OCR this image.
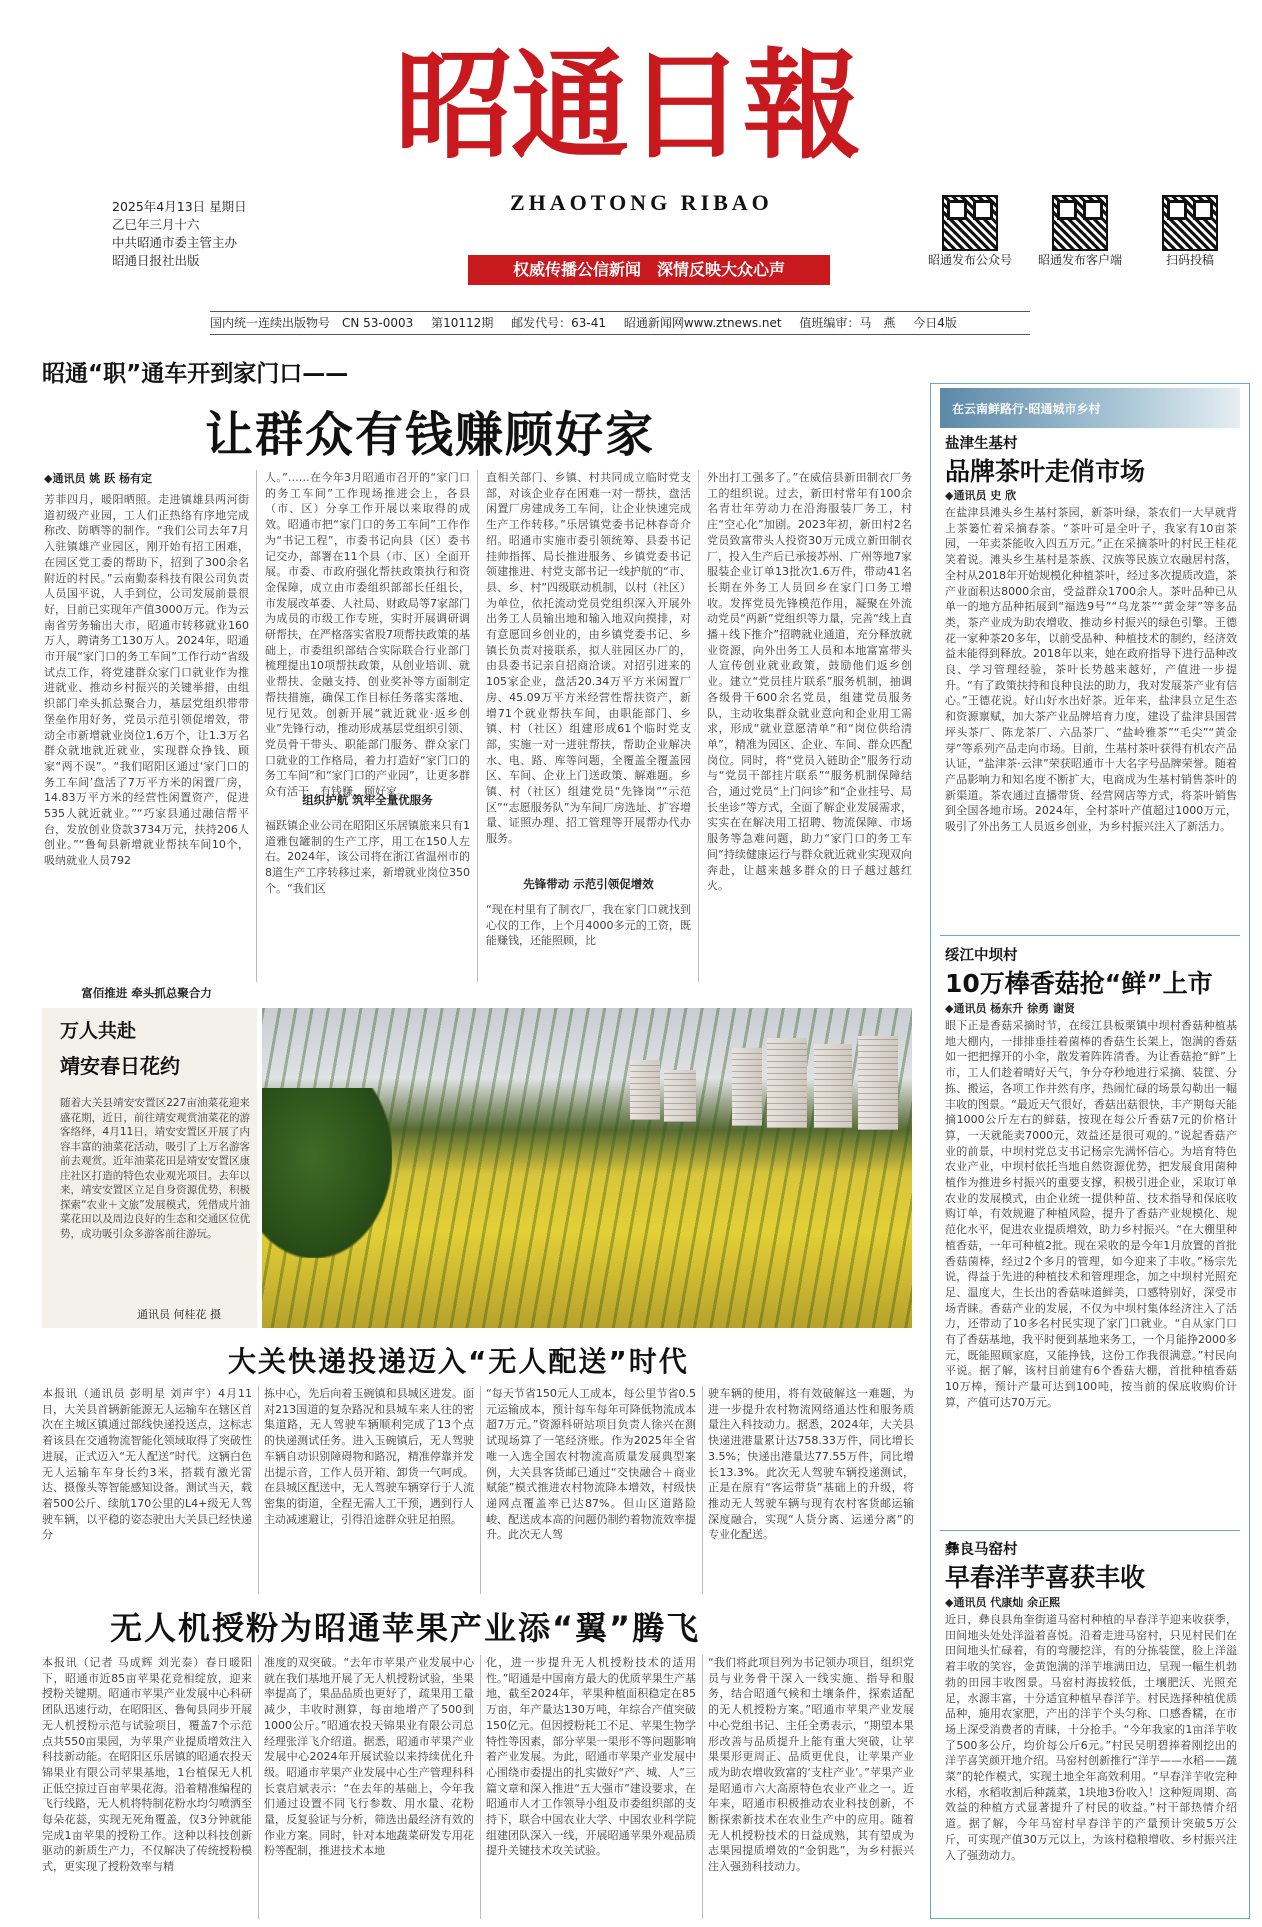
昭通日報
ZHAOTONG RIBAO
2025年4月13日 星期日
乙巳年三月十六
中共昭通市委主管主办
昭通日报社出版	权威传播公信新闻　深情反映大众心声	昭通发布公众号	昭通发布客户端	扫码投稿
国内统一连续出版物号　CN 53-0003 第10112期 邮发代号：63-41 昭通新闻网www.ztnews.net 值班编审：马　燕 今日4版
昭通“职”通车开到家门口——
让群众有钱赚顾好家
◆通讯员 姚 跃 杨有定
芳菲四月，暖阳晒照。走进镇雄县两河街道初级产业园，工人们正热络有序地完成称改、防晒等的制作。“我们公司去年7月入驻镇雄产业园区，刚开始有招工困难，在园区党工委的帮助下，招到了300余名附近的村民。”云南勤泰科技有限公司负责人员国平说，人手到位，公司发展前景很好，目前已实现年产值3000万元。作为云南省劳务输出大市，昭通市转移就业160万人，聘请务工130万人。2024年，昭通市开展“家门口的务工车间”工作行动“省级试点工作，将党建群众家门口就业作为推进就业、推动乡村振兴的关键举措，由组织部门牵头抓总聚合力，基层党组织带带堡垒作用好务，党员示范引领促增效，带动全市新增就业岗位1.6万个，让1.3万名群众就地就近就业，实现群众挣钱、顾家“两不误”。“我们昭阳区通过‘家门口的务工车间’盘活了7万平方米的闲置厂房，14.83万平方米的经营性闲置资产，促进535人就近就业。”“巧家县通过融信帮平台，发放创业贷款3734万元，扶持206人创业。”“鲁甸县新增就业帮扶车间10个，吸纳就业人员792
人。”……在今年3月昭通市召开的“家门口的务工车间”工作现场推进会上，各县（市、区）分享工作开展以来取得的成效。昭通市把“家门口的务工车间”工作作为“书记工程”，市委书记向县（区）委书记交办，部署在11个县（市、区）全面开展。市委、市政府强化帮扶政策执行和资金保障，成立由市委组织部部长任组长，市发展改革委、人社局、财政局等7家部门为成员的市级工作专班，实时开展调研调研帮扶，在严格落实省股7项帮扶政策的基础上，市委组织部结合实际联合行业部门梳理提出10项帮扶政策，从创业培训、就业帮扶、金融支持、创业奖补等方面制定帮扶措施，确保工作目标任务落实落地、见行见效。创新开展“就近就业·返乡创业”先锋行动，推动形成基层党组织引领、党员骨干带头、职能部门服务、群众家门口就业的工作格局，着力打造好“家门口的务工车间”和“家门口的产业园”，让更多群众有活干、有钱赚、顾好家。
组织护航 筑牢全量优服务
福跃镇企业公司在昭阳区乐居镇旅来只有1道雅包罐制的生产工序，用工在150人左右。2024年，该公司将在浙江省温州市的8道生产工序转移过来，新增就业岗位350个。“我们区
直相关部门、乡镇、村共同成立临时党支部，对该企业存在困难一对一帮扶，盘活闲置厂房建成务工车间，让企业快速完成生产工作转移。”乐居镇党委书记林春奇介绍。昭通市实施市委引领统筹、县委书记挂帅指挥、局长推进服务、乡镇党委书记领建推进、村党支部书记一线护航的“市、县、乡、村”四级联动机制，以村（社区）为单位，依托流动党员党组织深入开展外出务工人员输出地和输入地双向摸排，对有意愿回乡创业的，由乡镇党委书记、乡镇长负责对接联系，拟人驻园区办厂的，由县委书记亲自招商洽谈。对招引进来的105家企业，盘活20.34万平方米闲置厂房、45.09万平方米经营性帮扶资产，新增71个就业帮扶车间，由职能部门、乡镇、村（社区）组建形成61个临时党支部，实施一对一进驻帮扶，帮助企业解决水、电、路、库等问题，全覆盖全覆盖园区、车间、企业上门送政策、解难题。乡镇、村（社区）组建党员“先锋岗”“示范区”“志愿服务队”为车间厂房选址、扩容增量、证照办理、招工管理等开展帮办代办服务。
先锋带动 示范引领促增效
“现在村里有了制衣厂，我在家门口就找到心仪的工作，上个月4000多元的工资，既能赚钱，还能照顾，比
外出打工强多了。”在威信县新田制衣厂务工的组织说。过去，新田村常年有100余名青壮年劳动力在沿海服装厂务工，村庄“空心化”加剧。2023年初，新田村2名党员致富带头人投资30万元成立新田制衣厂，投入生产后已承接苏州、广州等地7家服装企业订单13批次1.6万件，带动41名长期在外务工人员回乡在家门口务工增收。发挥党员先锋模范作用，凝聚在外流动党员“两新”党组织等力量，完善“线上直播＋线下推介”招聘就业通道，充分释放就业资源，向外出务工人员和本地富富带头人宣传创业就业政策，鼓励他们返乡创业。建立“党员挂片联系”服务机制，抽调各级骨干600余名党员，组建党员服务队，主动收集群众就业意向和企业用工需求，形成“就业意愿清单”和“岗位供给清单”，精准为园区、企业、车间、群众匹配岗位。同时，将“党员入链助企”服务行动与“党员干部挂片联系”“服务机制保障结合，通过党员“上门问诊”和“企业挂号、局长坐诊”等方式，全面了解企业发展需求，实实在在解决用工招聘、物流保障、市场服务等急难问题，助力“家门口的务工车间”持续健康运行与群众就近就业实现双向奔赴，让越来越多群众的日子越过越红火。
富佰推进 牵头抓总聚合力
万人共赴
靖安春日花约
随着大关县靖安安置区227亩油菜花迎来盛花期，近日，前往靖安观赏油菜花的游客络绎，4月11日，靖安安置区开展了内容丰富的油菜花活动，吸引了上万名游客前去观赏。近年油菜花田是靖安安置区康庄社区打造的特色农业观光项目。去年以来，靖安安置区立足自身资源优势，积极探索“农业＋文旅”发展模式，凭借成片油菜花田以及周边良好的生态和交通区位优势，成功吸引众多游客前往游玩。
通讯员 何桂花 摄
大关快递投递迈入“无人配送”时代
本报讯（通讯员 彭明星 刘声宇）4月11日，大关县首辆新能源无人运输车在辖区首次在主城区镇通过部线快递投送点，这标志着该县在交通物流智能化领域取得了突破性进展，正式迈入“无人配送”时代。这辆白色无人运输车车身长约3米，搭载有激光雷达、摄像头等智能感知设备。测试当天，载着500公斤、续航170公里的L4+级无人驾驶车辆，以平稳的姿态驶出大关县已经快递分
拣中心，先后向着玉碗镇和县城区进发。面对213国道的复杂路况和县城车来人往的密集道路，无人驾驶车辆顺利完成了13个点的快递测试任务。进入玉碗镇后，无人驾驶车辆自动识别障碍物和路况，精准停靠并发出提示音，工作人员开箱、卸货一气呵成。在县城区配送中，无人驾驶车辆穿行于人流密集的街道，全程无需人工干预，遇到行人主动减速避让，引得沿途群众驻足拍照。
“每天节省150元人工成本，每公里节省0.5元运输成本，预计每车每年可降低物流成本超7万元。”资源科研站项目负责人徐兴在测试现场算了一笔经济账。作为2025年全省唯一入选全国农村物流高质量发展典型案例，大关县客货邮已通过“交快融合＋商业赋能”模式推进农村物流降本增效，村级快递网点覆盖率已达87%。但山区道路险峻、配送成本高的问题仍制约着物流效率提升。此次无人驾
驶车辆的使用，将有效破解这一难题，为进一步提升农村物流网络通达性和服务质量注入科技动力。据悉，2024年，大关县快递进港量累计达758.33万件，同比增长3.5%；快递出港量达77.55万件，同比增长13.3%。此次无人驾驶车辆投递测试，正是在原有“客运带货”基础上的升级，将推动无人驾驶车辆与现有农村客货邮运输深度融合，实现“人货分离、运递分离”的专业化配送。
无人机授粉为昭通苹果产业添“翼”腾飞
本报讯（记者 马成辉 刘光泰）春日暖阳下，昭通市近85亩苹果花竞相绽放，迎来授粉关键期。昭通市苹果产业发展中心科研团队迅速行动，在昭阳区、鲁甸县同步开展无人机授粉示范与试验项目，覆盖7个示范点共550亩果园，为苹果产业提质增效注入科技新动能。在昭阳区乐居镇的昭通农投天锦果业有限公司苹果基地，1台植保无人机正低空掠过百亩苹果花海。沿着精准编程的飞行线路，无人机将特制花粉水均匀喷洒至每朵花蕊，实现无死角覆盖，仅3分钟就能完成1亩苹果的授粉工作。这种以科技创新驱动的新质生产力，不仅解决了传统授粉模式，更实现了授粉效率与精
准度的双突破。“去年市苹果产业发展中心就在我们基地开展了无人机授粉试验，坐果率提高了，果品品质也更好了，疏果用工量减少，丰收时测算，每亩地增产了500到1000公斤。”昭通农投天锦果业有限公司总经理张洋飞介绍道。据悉，昭通市苹果产业发展中心2024年开展试验以来持续优化升级。昭通市苹果产业发展中心生产管理科科长袁启斌表示：“在去年的基础上，今年我们通过设置不同飞行参数、用水量、花粉量，反复验证与分析，筛选出最经济有效的作业方案。同时，针对本地蔬菜研发专用花粉等配制，推进技术本地
化，进一步提升无人机授粉技术的适用性。”昭通是中国南方最大的优质苹果生产基地，截至2024年，苹果种植面积稳定在85万亩，年产量达130万吨，年综合产值突破150亿元。但因授粉耗工不足、苹果生物学特性等因素，部分苹果一果形不等问题影响着产业发展。为此，昭通市苹果产业发展中心围绕市委提出的扎实做好“产、城、人”三篇文章和深入推进“五大强市”建设要求，在昭通市人才工作领导小组及市委组织部的支持下，联合中国农业大学、中国农业科学院组建团队深入一线，开展昭通苹果外观品质提升关键技术攻关试验。
“我们将此项目列为书记领办项目，组织党员与业务骨干深入一线实施、指导和服务，结合昭通气候和土壤条件，探索适配的无人机授粉方案。”昭通市苹果产业发展中心党组书记、主任全勇表示，“期望本果形改善与品质提升上能有重大突破，让苹果果形更周正、品质更优良，让苹果产业成为助农增收致富的‘支柱产业’。”苹果产业是昭通市六大高原特色农业产业之一。近年来，昭通市积极推动农业科技创新，不断探索新技术在农业生产中的应用。随着无人机授粉技术的日益成熟，其有望成为志果园提质增效的“金钥匙”，为乡村振兴注入强劲科技动力。
在云南鲜路行·昭通城市乡村
盐津生基村
品牌茶叶走俏市场
◆通讯员 史 欣
在盐津县滩头乡生基村茶园，新茶叶绿，茶农们一大早就背上茶篓忙着采摘春茶。“茶叶可是全叶子，我家有10亩茶园，一年卖茶能收入四五万元。”正在采摘茶叶的村民王桂花笑着说。滩头乡生基村是茶族、汉族等民族立农融居村落，全村从2018年开始规模化种植茶叶，经过多次提质改造，茶产业面积达8000余亩，受益群众1700余人。茶叶品种已从单一的地方品种拓展到“福选9号”“乌龙茶”“黄金芽”等多品类，茶产业成为助农增收、推动乡村振兴的绿色引擎。王德花一家种茶20多年，以前受品种、种植技术的制约，经济效益未能得到释放。2018年以来，她在政府指导下进行品种改良、学习管理经验，茶叶长势越来越好，产值进一步提升。“有了政策扶持和良种良法的助力，我对发展茶产业有信心。”王德花说。好山好水出好茶。近年来，盐津县立足生态和资源禀赋，加大茶产业品牌培育力度，建设了盐津县国营坪头茶厂、陈龙茶厂、六品茶厂、“盐岭雅茶”“毛尖”“黄金芽”等系列产品走向市场。目前，生基村茶叶获得有机农产品认证，“盐津茶·云津”荣获昭通市十大名字号品牌荣誉。随着产品影响力和知名度不断扩大，电商成为生基村销售茶叶的新渠道。茶农通过直播带货、经营网店等方式，将茶叶销售到全国各地市场。2024年，全村茶叶产值超过1000万元，吸引了外出务工人员返乡创业，为乡村振兴注入了新活力。
绥江中坝村
10万棒香菇抢“鲜”上市
◆通讯员 杨东升 徐勇 谢贤
眼下正是香菇采摘时节，在绥江县板栗镇中坝村香菇种植基地大棚内，一排排垂挂着菌棒的香菇生长架上，饱满的香菇如一把把撑开的小伞，散发着阵阵清香。为让香菇抢“鲜”上市，工人们趁着晴好天气，争分夺秒地进行采摘、装筐、分拣、搬运，各项工作井然有序，热闹忙碌的场景勾勒出一幅丰收的图景。“最近天气很好，香菇出菇很快，丰产期每天能摘1000公斤左右的鲜菇，按现在每公斤香菇7元的价格计算，一天就能卖7000元，效益还是很可观的。”说起香菇产业的前景，中坝村党总支书记杨宗先满怀信心。为培育特色农业产业，中坝村依托当地自然资源优势，把发展食用菌种植作为推进乡村振兴的重要支撑，积极引进企业，采取订单农业的发展模式，由企业统一提供种苗、技术指导和保底收购订单，有效规避了种植风险，提升了香菇产业规模化、规范化水平，促进农业提质增效，助力乡村振兴。“在大棚里种植香菇，一年可种植2批。现在采收的是今年1月放置的首批香菇菌棒，经过2个多月的管理，如今迎来了丰收。”杨宗先说，得益于先进的种植技术和管理理念，加之中坝村光照充足、温度大，生长出的香菇味道鲜美，口感特别好，深受市场青睐。香菇产业的发展，不仅为中坝村集体经济注入了活力，还带动了10多名村民实现了家门口就业。“自从家门口有了香菇基地，我平时便到基地来务工，一个月能挣2000多元，既能照顾家庭，又能挣钱，这份工作我很满意。”村民向平说。据了解，该村目前建有6个香菇大棚，首批种植香菇10万棒，预计产量可达到100吨，按当前的保底收购价计算，产值可达70万元。
彝良马窑村
早春洋芋喜获丰收
◆通讯员 代康灿 余正熙
近日，彝良县角奎街道马窑村种植的早春洋芋迎来收获季，田间地头处处洋溢着喜悦。沿着走进马窑村，只见村民们在田间地头忙碌着，有的弯腰挖洋，有的分拣装筐，脸上洋溢着丰收的笑容，金黄饱满的洋芋堆满田边，呈现一幅生机勃勃的田园丰收图景。马窑村海拔较低，土壤肥沃、光照充足，水源丰富，十分适宜种植早春洋芋。村民选择种植优质品种，施用农家肥，产出的洋芋个头匀称、口感香糯，在市场上深受消费者的青睐，十分抢手。“今年我家的1亩洋芋收了500多公斤，均价每公斤6元。”村民吴明碧捧着刚挖出的洋芋喜笑颜开地介绍。马窑村创新推行“洋芋——水稻——蔬菜”的轮作模式，实现土地全年高效利用。“早春洋芋收完种水稻，水稻收割后种蔬菜，1块地3份收入！这种短周期、高效益的种植方式显著提升了村民的收益。”村干部热情介绍道。据了解，今年马窑村早春洋芋的产量预计突破5万公斤，可实现产值30万元以上，为该村稳粮增收、乡村振兴注入了强劲动力。
